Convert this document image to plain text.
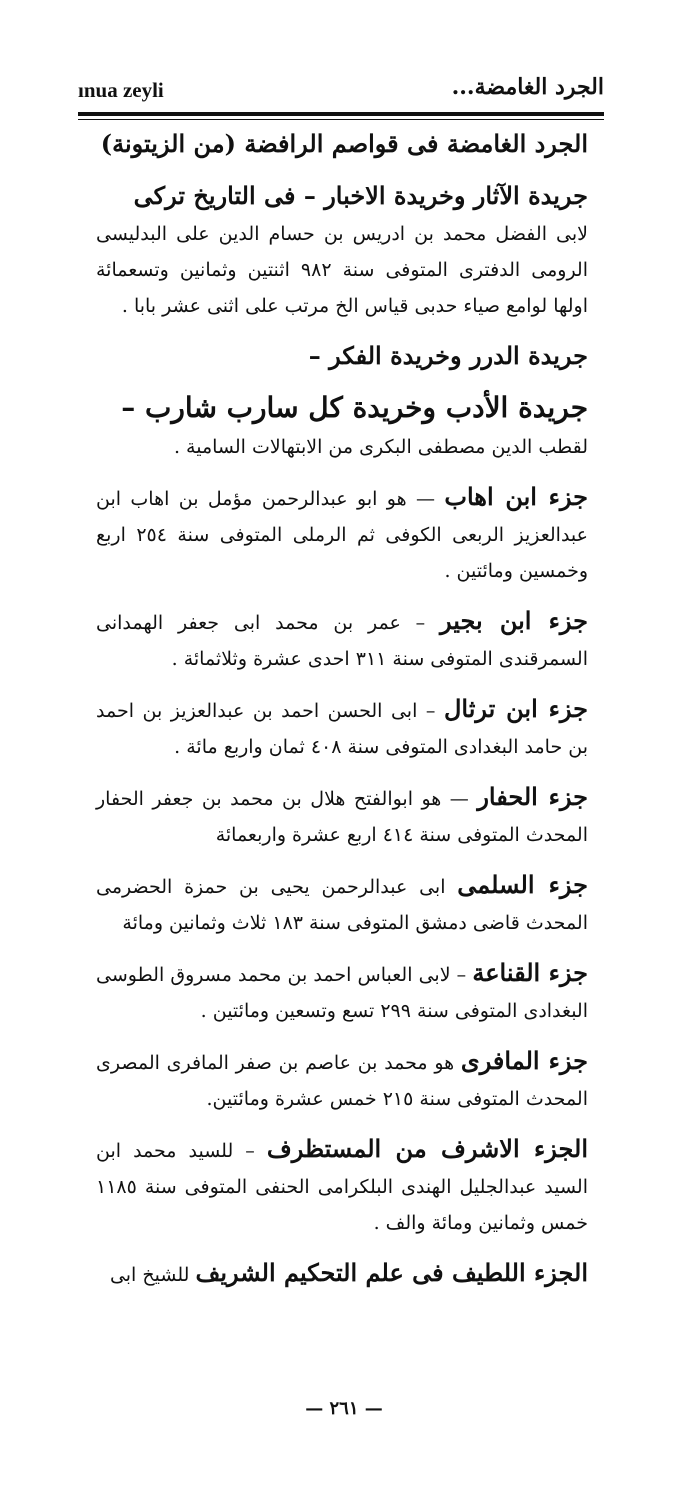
ınua zeyli	الجرد الغامضة...

الجرد الغامضة فى قواصم الرافضة (من الزيتونة)

جريدة الآثار وخريدة الاخبار – فى التاريخ تركى
لابى الفضل محمد بن ادريس بن حسام الدين على البدليسى الرومى الدفترى المتوفى سنة ٩٨٢ اثنتين وثمانين وتسعمائة اولها لوامع صياء حدبى قياس الخ مرتب على اثنى عشر بابا .

جريدة الدرر وخريدة الفكر –

جريدة الأدب وخريدة كل سارب شارب –
لقطب الدين مصطفى البكرى من الابتهالات السامية .

جزء ابن اهاب — هو ابو عبدالرحمن مؤمل بن اهاب ابن عبدالعزيز الربعى الكوفى ثم الرملى المتوفى سنة ٢٥٤ اربع وخمسين ومائتين .

جزء ابن بجير – عمر بن محمد ابى جعفر الهمدانى السمرقندى المتوفى سنة ٣١١ احدى عشرة وثلاثمائة .

جزء ابن ترثال – ابى الحسن احمد بن عبدالعزيز بن احمد بن حامد البغدادى المتوفى سنة ٤٠٨ ثمان واربع مائة .

جزء الحفار — هو ابوالفتح هلال بن محمد بن جعفر الحفار المحدث المتوفى سنة ٤١٤ اربع عشرة واربعمائة

جزء السلمى ابى عبدالرحمن يحيى بن حمزة الحضرمى المحدث قاضى دمشق المتوفى سنة ١٨٣ ثلاث وثمانين ومائة

جزء القناعة – لابى العباس احمد بن محمد مسروق الطوسى البغدادى المتوفى سنة ٢٩٩ تسع وتسعين ومائتين .

جزء المافرى هو محمد بن عاصم بن صفر المافرى المصرى المحدث المتوفى سنة ٢١٥ خمس عشرة ومائتين.

الجزء الاشرف من المستظرف – للسيد محمد ابن السيد عبدالجليل الهندى البلكرامى الحنفى المتوفى سنة ١١٨٥ خمس وثمانين ومائة والف .

الجزء اللطيف فى علم التحكيم الشريف للشيخ ابى

— ٢٦١ —
